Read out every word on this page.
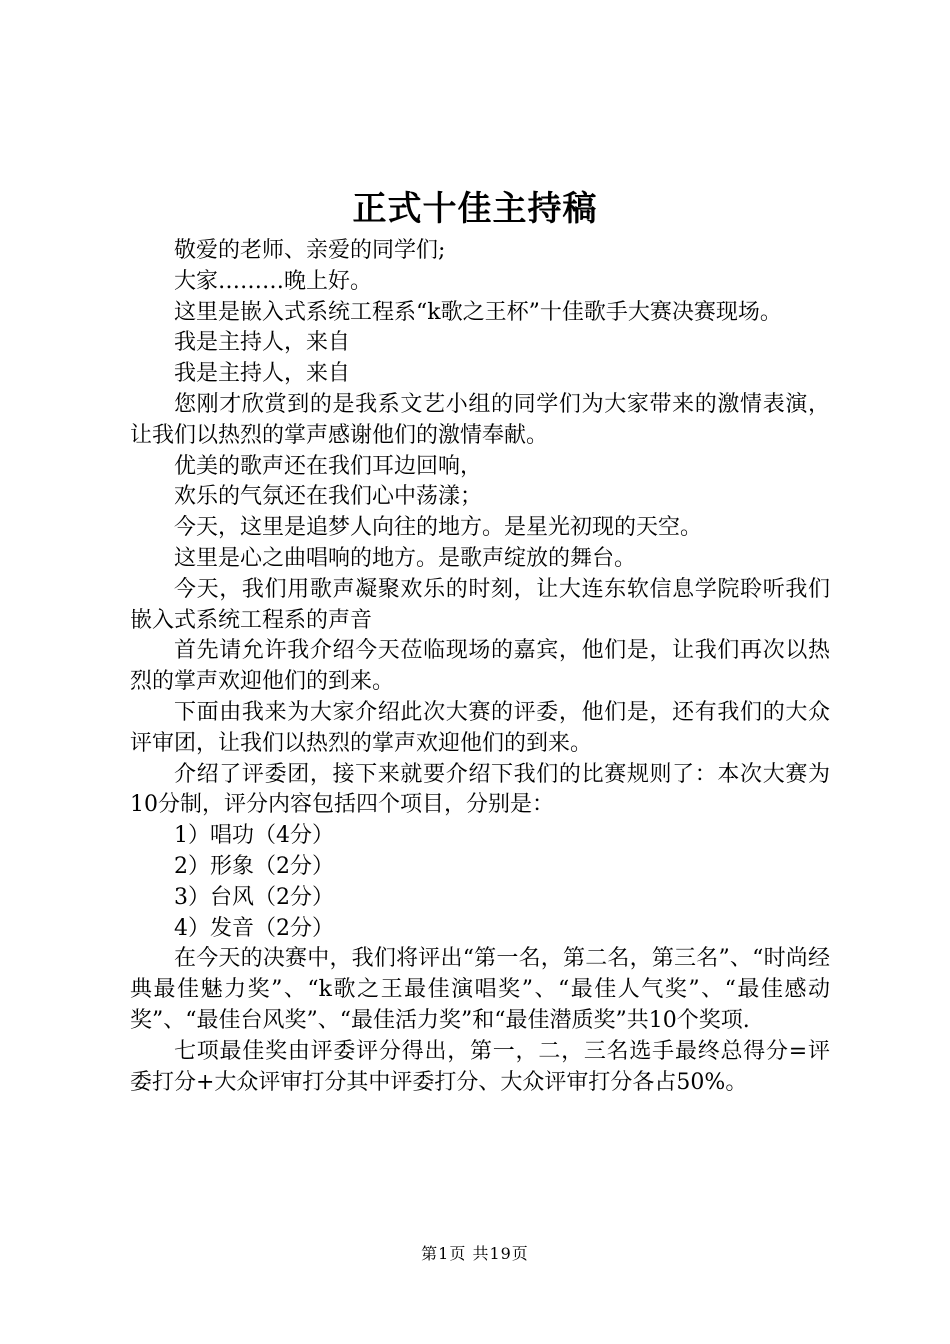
正式十佳主持稿

敬爱的老师、亲爱的同学们;

大家………晚上好。

这里是嵌入式系统工程系“k歌之王杯”十佳歌手大赛决赛现场。

我是主持人，来自

我是主持人，来自

您刚才欣赏到的是我系文艺小组的同学们为大家带来的激情表演，让我们以热烈的掌声感谢他们的激情奉献。

优美的歌声还在我们耳边回响，

欢乐的气氛还在我们心中荡漾；

今天，这里是追梦人向往的地方。是星光初现的天空。

这里是心之曲唱响的地方。是歌声绽放的舞台。

今天，我们用歌声凝聚欢乐的时刻，让大连东软信息学院聆听我们嵌入式系统工程系的声音

首先请允许我介绍今天莅临现场的嘉宾，他们是，让我们再次以热烈的掌声欢迎他们的到来。

下面由我来为大家介绍此次大赛的评委，他们是，还有我们的大众评审团，让我们以热烈的掌声欢迎他们的到来。

介绍了评委团，接下来就要介绍下我们的比赛规则了：本次大赛为10分制，评分内容包括四个项目，分别是：

1）唱功（4分）

2）形象（2分）

3）台风（2分）

4）发音（2分）

在今天的决赛中，我们将评出“第一名，第二名，第三名”、“时尚经典最佳魅力奖”、“k歌之王最佳演唱奖”、“最佳人气奖”、“最佳感动奖”、“最佳台风奖”、“最佳活力奖”和“最佳潜质奖”共10个奖项.

七项最佳奖由评委评分得出，第一，二，三名选手最终总得分=评委打分+大众评审打分其中评委打分、大众评审打分各占50%。

第1页 共19页
